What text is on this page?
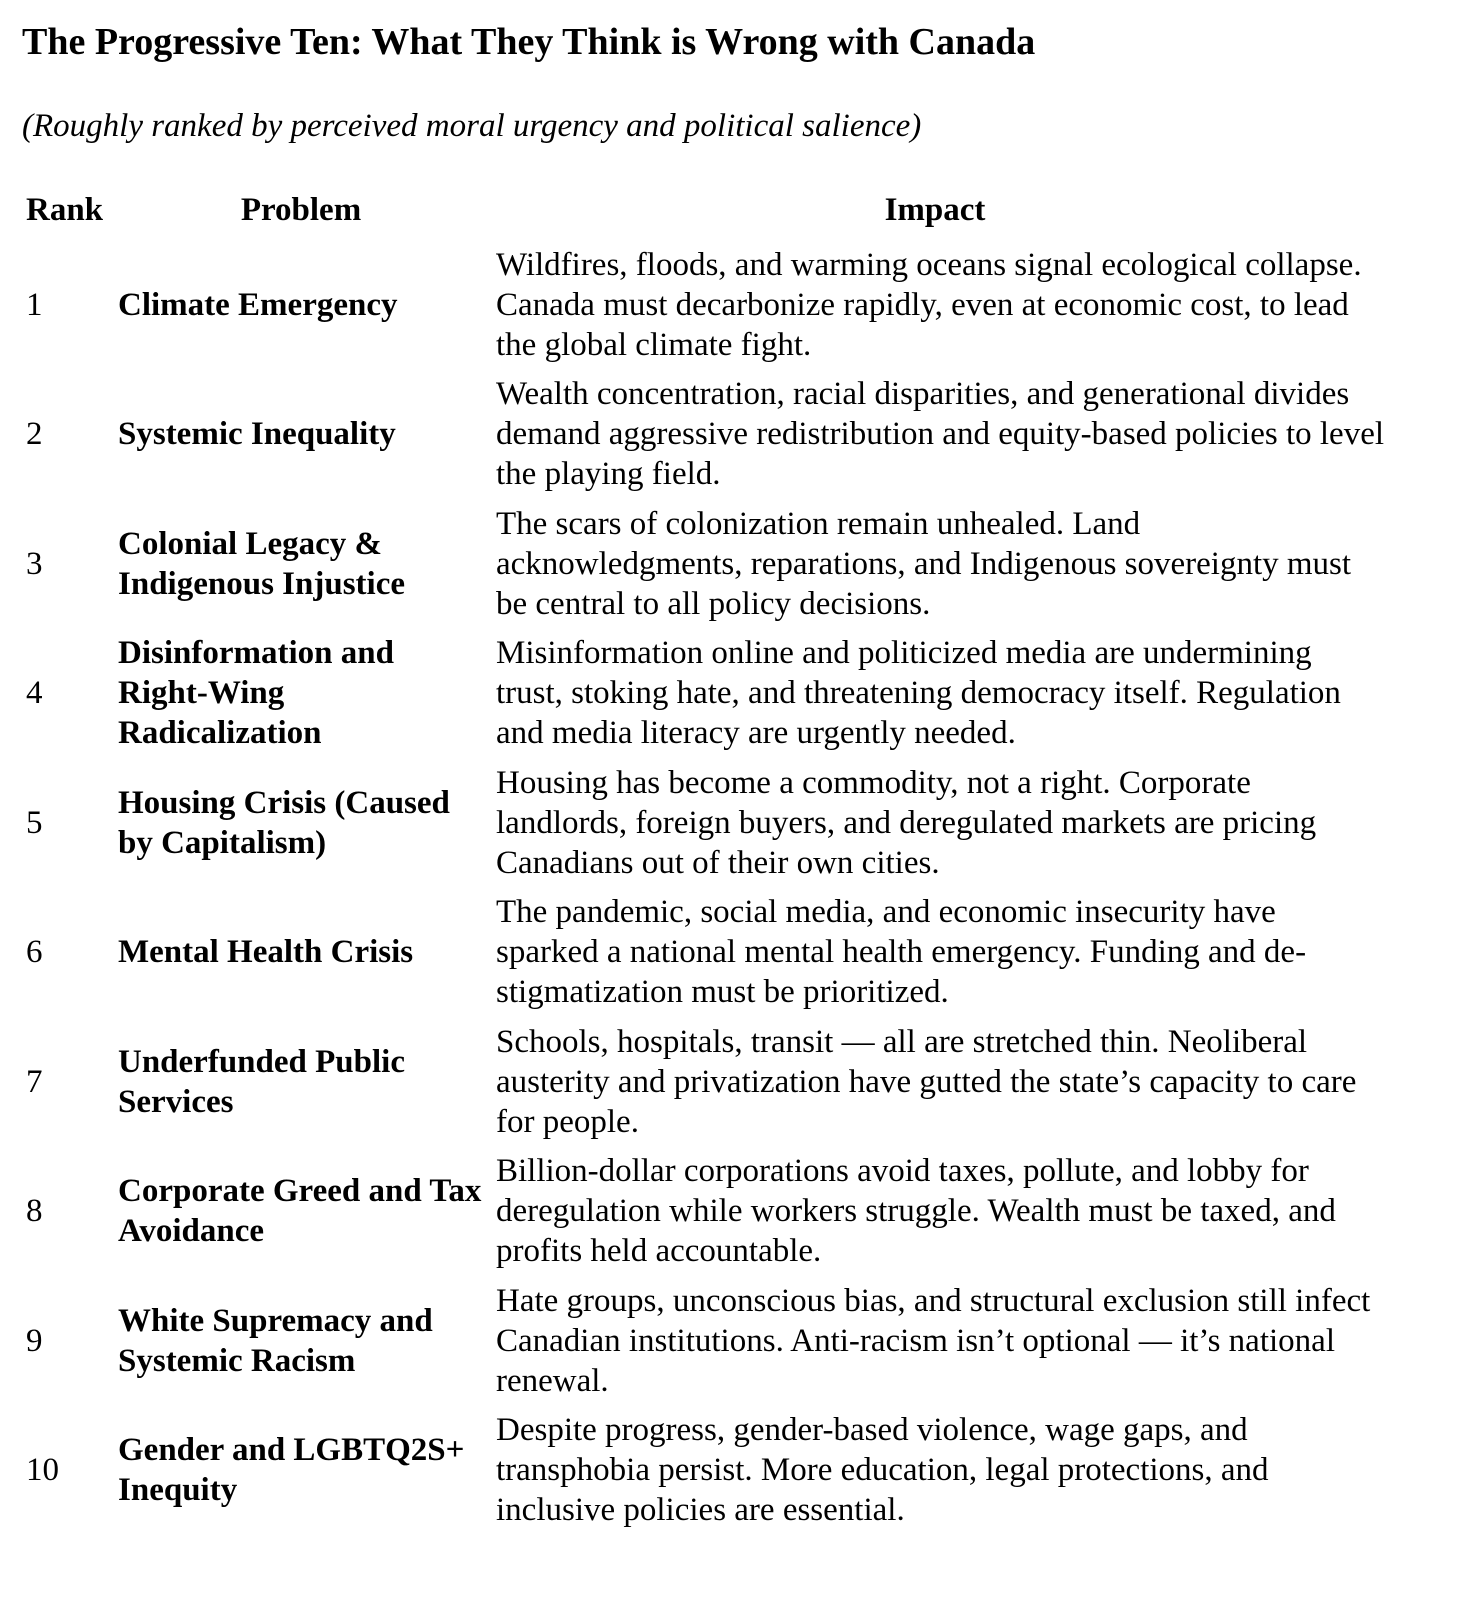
The Progressive Ten: What They Think is Wrong with Canada
(Roughly ranked by perceived moral urgency and political salience)
Rank	Problem	Impact
1 Climate Emergency
Wildfires, floods, and warming oceans signal ecological collapse. Canada must decarbonize rapidly, even at economic cost, to lead the global climate fight.
2 Systemic Inequality
Wealth concentration, racial disparities, and generational divides demand aggressive redistribution and equity-based policies to level the playing field.
3
Colonial Legacy & Indigenous Injustice
The scars of colonization remain unhealed. Land acknowledgments, reparations, and Indigenous sovereignty must be central to all policy decisions.
4
Disinformation and Right-Wing Radicalization
Misinformation online and politicized media are undermining trust, stoking hate, and threatening democracy itself. Regulation and media literacy are urgently needed.
5
Housing Crisis (Caused by Capitalism)
Housing has become a commodity, not a right. Corporate landlords, foreign buyers, and deregulated markets are pricing Canadians out of their own cities.
6 Mental Health Crisis
The pandemic, social media, and economic insecurity have sparked a national mental health emergency. Funding and de-stigmatization must be prioritized.
7
Underfunded Public Services
Schools, hospitals, transit — all are stretched thin. Neoliberal austerity and privatization have gutted the state’s capacity to care for people.
8
Corporate Greed and Tax Avoidance
Billion-dollar corporations avoid taxes, pollute, and lobby for deregulation while workers struggle. Wealth must be taxed, and profits held accountable.
9
White Supremacy and Systemic Racism
Hate groups, unconscious bias, and structural exclusion still infect Canadian institutions. Anti-racism isn’t optional — it’s national renewal.
10
Gender and LGBTQ2S+ Inequity
Despite progress, gender-based violence, wage gaps, and transphobia persist. More education, legal protections, and inclusive policies are essential.
